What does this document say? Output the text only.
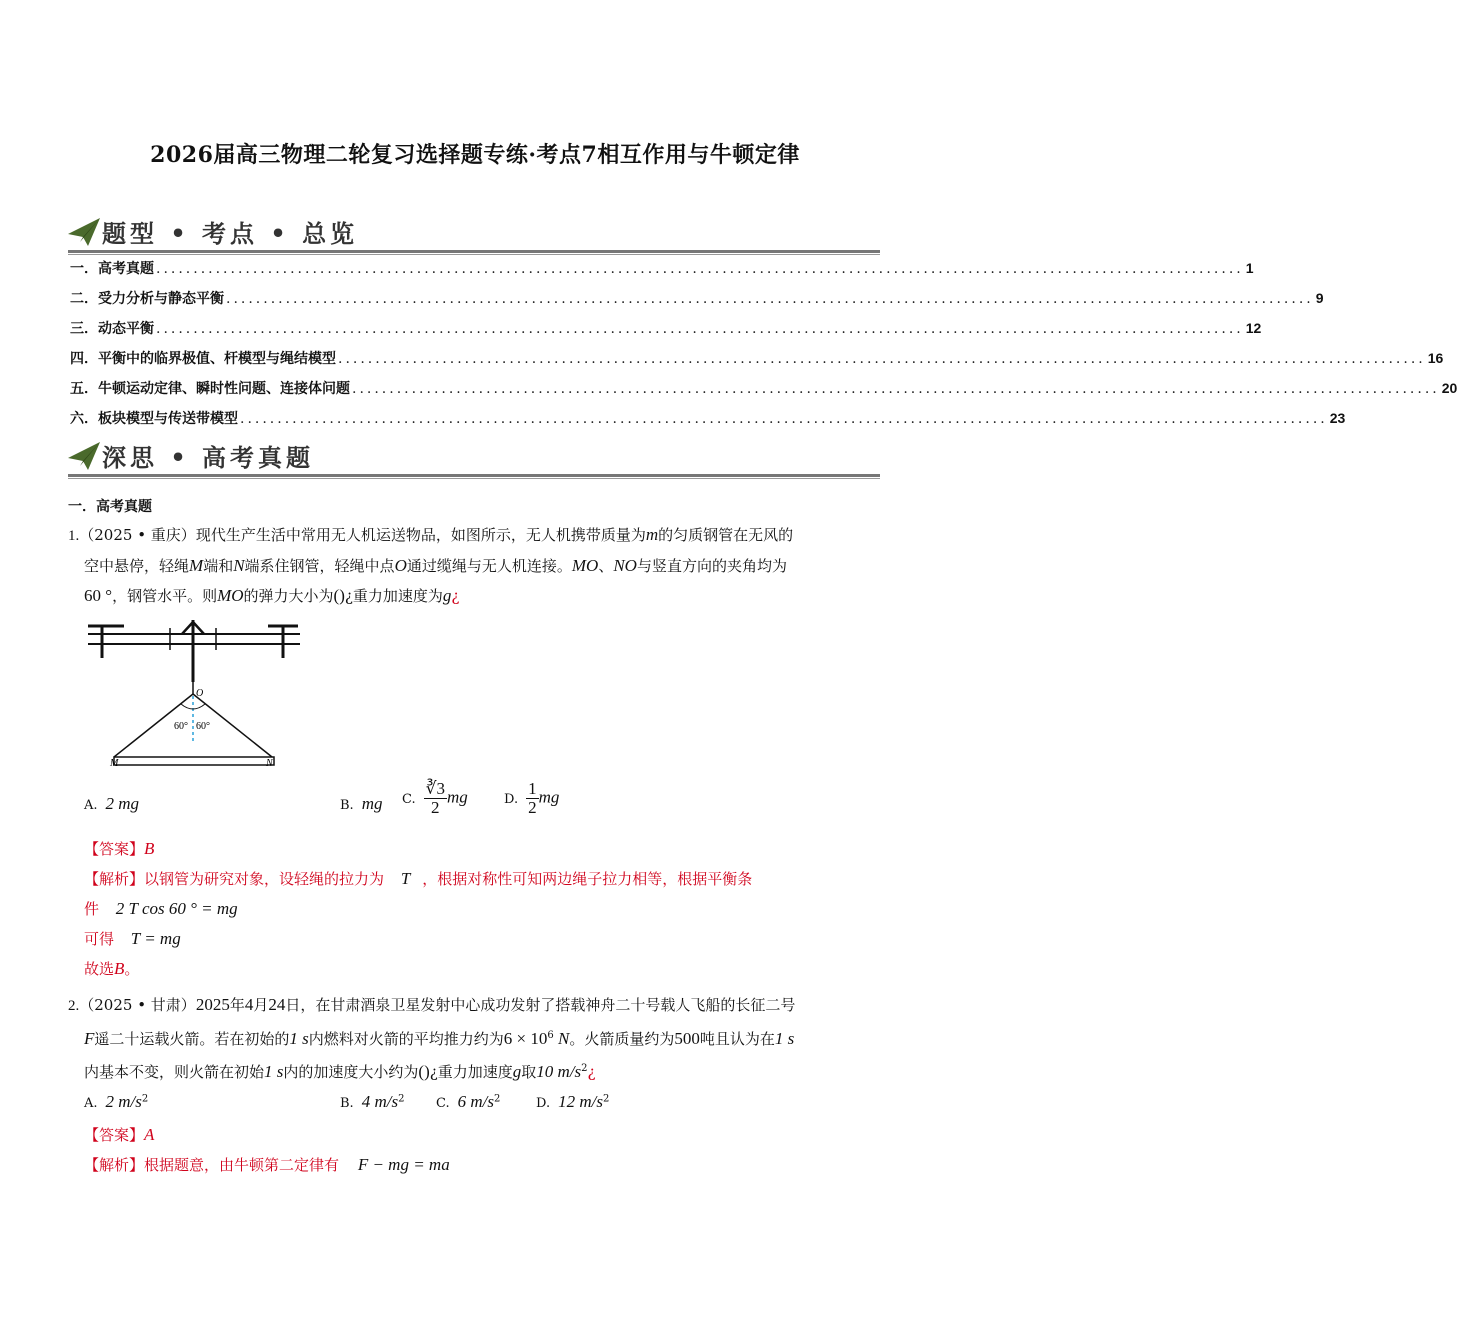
2026届高三物理二轮复习选择题专练·考点7相互作用与牛顿定律
题型 • 考点 • 总览
一．高考真题 .................................................................................................................................................. 1
二．受力分析与静态平衡 .................................................................................................................................................. 9
三．动态平衡 .................................................................................................................................................. 12
四．平衡中的临界极值、杆模型与绳结模型 .................................................................................................................................................. 16
五．牛顿运动定律、瞬时性问题、连接体问题 .................................................................................................................................................. 20
六．板块模型与传送带模型 .................................................................................................................................................. 23
深思 • 高考真题
一．高考真题
1.（2025 • 重庆）现代生产生活中常用无人机运送物品，如图所示，无人机携带质量为m的匀质钢管在无风的
空中悬停，轻绳M端和N端系住钢管，轻绳中点O通过缆绳与无人机连接。MO、NO与竖直方向的夹角均为
60 °，钢管水平。则MO的弹力大小为()¿重力加速度为g¿
O
60° 60°
M	N
A. 2 mg	B. mg C. $\frac{∛3}{2}$ mg	D. $\frac{1}{2}$ mg
【答案】B
【解析】以钢管为研究对象，设轻绳的拉力为 T ，根据对称性可知两边绳子拉力相等，根据平衡条
件 2 T cos 60 ° = mg
可得 T = mg
故选B。
2.（2025 • 甘肃）2025年4月24日，在甘肃酒泉卫星发射中心成功发射了搭载神舟二十号载人飞船的长征二号
F遥二十运载火箭。若在初始的1 s内燃料对火箭的平均推力约为$6 \times 10^6$ N。火箭质量约为500吨且认为在1 s
内基本不变，则火箭在初始1 s内的加速度大小约为()¿重力加速度g取10 $m/s^2¿$
A. 2 $m/s^2$	B. 4 $m/s^2$ C. 6 $m/s^2$	D. 12 $m/s^2$
【答案】A
【解析】根据题意，由牛顿第二定律有 F − mg = ma
